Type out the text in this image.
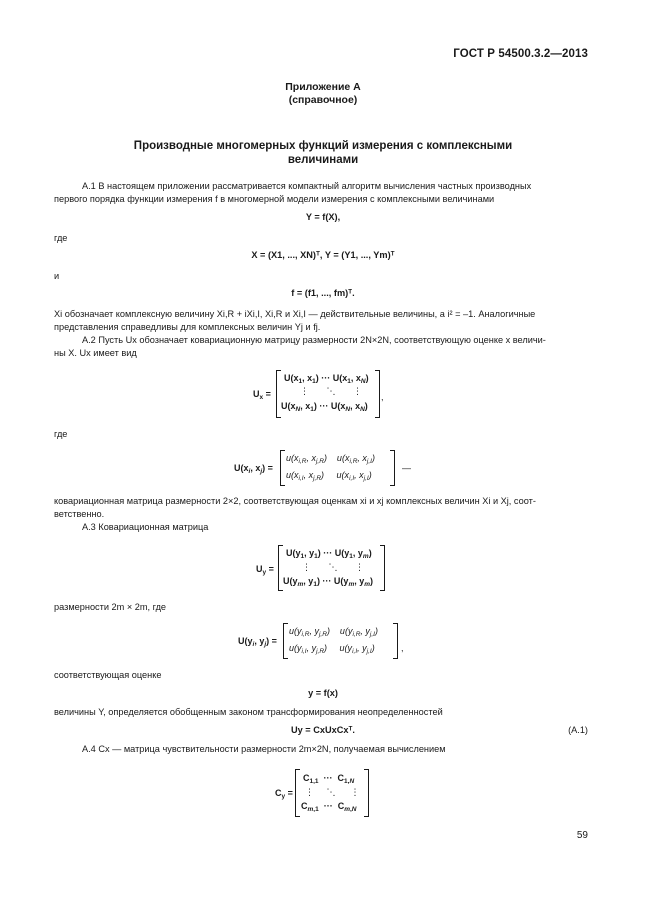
ГОСТ Р 54500.3.2—2013
Приложение А
(справочное)
Производные многомерных функций измерения с комплексными
величинами
А.1 В настоящем приложении рассматривается компактный алгоритм вычисления частных производных
первого порядка функции измерения f в многомерной модели измерения с комплексными величинами
Y = f(X),
где
X = (X1, ..., XN)ᵀ, Y = (Y1, ..., Ym)ᵀ
и
f = (f1, ..., fm)ᵀ.
Xi обозначает комплексную величину Xi,R + iXi,I, Xi,R и Xi,I — действительные величины, а i² = –1. Аналогичные
представления справедливы для комплексных величин Yj и fj.
А.2 Пусть Ux обозначает ковариационную матрицу размерности 2N×2N, соответствующую оценке x величи-
ны X. Ux имеет вид
$U_x$ =
$U(x_1$, $x_1$) ··· $U(x_1$, $x_N$)
⋮       ⋱       ⋮
$U(x_N$, $x_1$) ··· $U(x_N$, $x_N$)
,
где
$U(x_i$, $x_j$) =
$u(x_{i,R}$, $x_{j,R}$)    $u(x_{i,R}$, $x_{j,I}$)
$u(x_{i,I}$, $x_{j,R}$)     $u(x_{i,I}$, $x_{j,I}$)
—
ковариационная матрица размерности 2×2, соответствующая оценкам xi и xj комплексных величин Xi и Xj, соот-
ветственно.
А.3 Ковариационная матрица
$U_y$ =
$U(y_1$, $y_1$) ··· $U(y_1$, $y_m$)
⋮       ⋱       ⋮
$U(y_m$, $y_1$) ··· $U(y_m$, $y_m$)
размерности 2m × 2m, где
$U(y_i$, $y_j$) =
$u(y_{i,R}$, $y_{j,R}$)    $u(y_{i,R}$, $y_{j,I}$)
$u(y_{i,I}$, $y_{j,R}$)     $u(y_{i,I}$, $y_{j,I}$)	,
соответствующая оценке
y = f(x)
величины Y, определяется обобщенным законом трансформирования неопределенностей
Uy = CxUxCxᵀ.	(A.1)
А.4 Cx — матрица чувствительности размерности 2m×2N, получаемая вычислением
$C_y$ =
$C_{1,1}$  ···  $C_{1,N}$
⋮     ⋱      ⋮
$C_{m,1}$  ···  $C_{m,N}$
59
